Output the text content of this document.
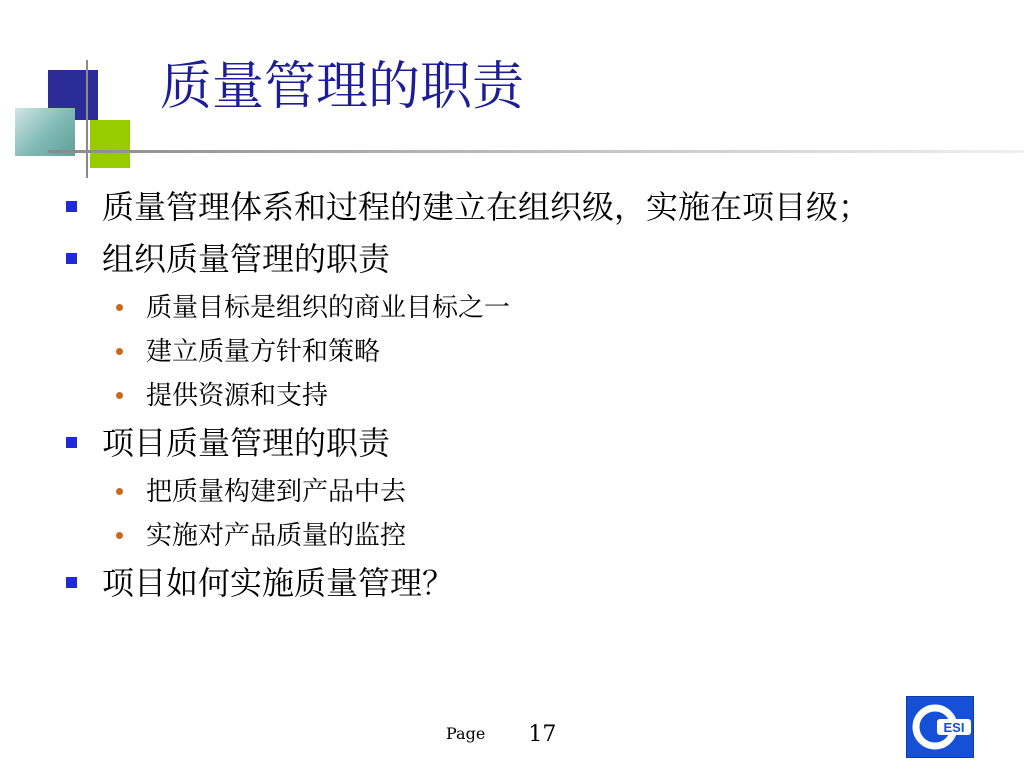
质量管理的职责
质量管理体系和过程的建立在组织级，实施在项目级；
组织质量管理的职责
质量目标是组织的商业目标之一
建立质量方针和策略
提供资源和支持
项目质量管理的职责
把质量构建到产品中去
实施对产品质量的监控
项目如何实施质量管理？
Page 17	ESI
